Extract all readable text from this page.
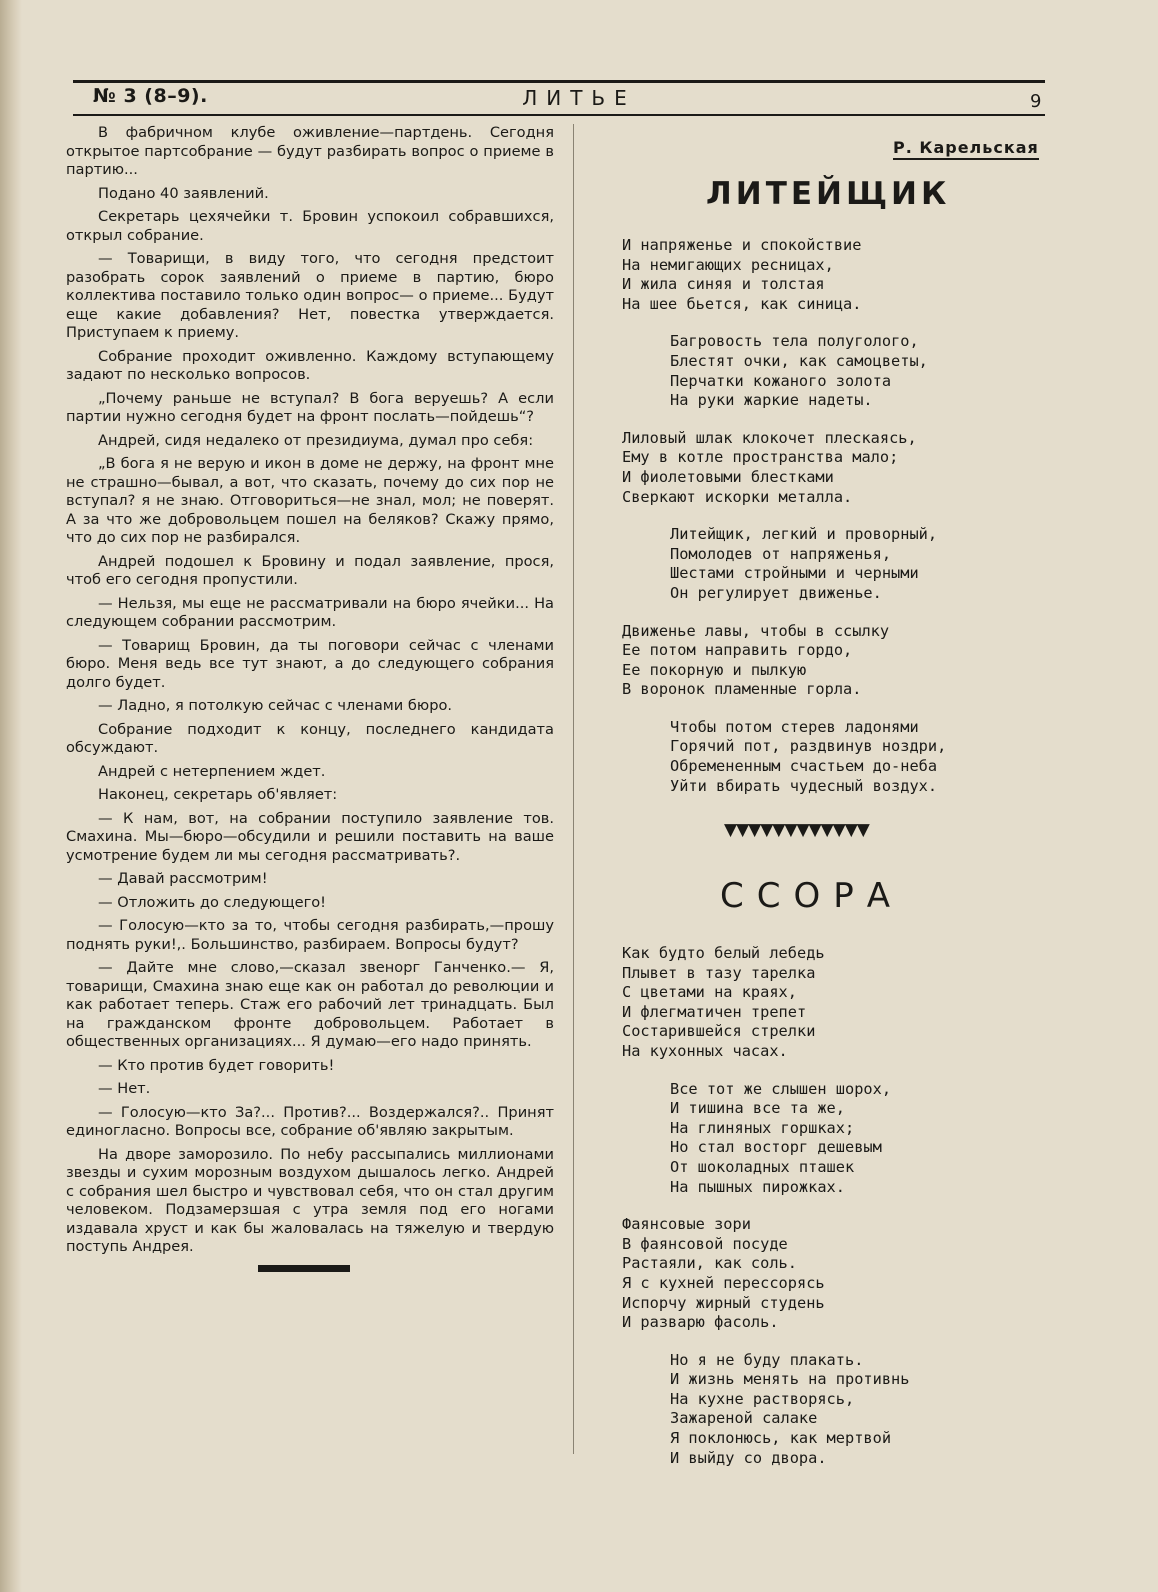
№ 3 (8–9).	ЛИТЬЕ	9

В фабричном клубе оживление—партдень. Сегодня открытое партсобрание — будут разбирать вопрос о приеме в партию...

Подано 40 заявлений.

Секретарь цехячейки т. Бровин успокоил собравшихся, открыл собрание.

— Товарищи, в виду того, что сегодня предстоит разобрать сорок заявлений о приеме в партию, бюро коллектива поставило только один вопрос— о приеме... Будут еще какие добавления? Нет, повестка утверждается. Приступаем к приему.

Собрание проходит оживленно. Каждому вступающему задают по несколько вопросов.

„Почему раньше не вступал? В бога веруешь? А если партии нужно сегодня будет на фронт послать—пойдешь“?

Андрей, сидя недалеко от президиума, думал про себя:

„В бога я не верую и икон в доме не держу, на фронт мне не страшно—бывал, а вот, что сказать, почему до сих пор не вступал? я не знаю. Отговориться—не знал, мол; не поверят. А за что же добровольцем пошел на беляков? Скажу прямо, что до сих пор не разбирался.

Андрей подошел к Бровину и подал заявление, прося, чтоб его сегодня пропустили.

— Нельзя, мы еще не рассматривали на бюро ячейки... На следующем собрании рассмотрим.

— Товарищ Бровин, да ты поговори сейчас с членами бюро. Меня ведь все тут знают, а до следующего собрания долго будет.

— Ладно, я потолкую сейчас с членами бюро.

Собрание подходит к концу, последнего кандидата обсуждают.

Андрей с нетерпением ждет.

Наконец, секретарь об'являет:

— К нам, вот, на собрании поступило заявление тов. Смахина. Мы—бюро—обсудили и решили поставить на ваше усмотрение будем ли мы сегодня рассматривать?.

— Давай рассмотрим!

— Отложить до следующего!

— Голосую—кто за то, чтобы сегодня разбирать,—прошу поднять руки!,. Большинство, разбираем. Вопросы будут?

— Дайте мне слово,—сказал звенорг Ганченко.— Я, товарищи, Смахина знаю еще как он работал до революции и как работает теперь. Стаж его рабочий лет тринадцать. Был на гражданском фронте добровольцем. Работает в общественных организациях... Я думаю—его надо принять.

— Кто против будет говорить!

— Нет.

— Голосую—кто За?... Против?... Воздержался?.. Принят единогласно. Вопросы все, собрание об'являю закрытым.

На дворе заморозило. По небу рассыпались миллионами звезды и сухим морозным воздухом дышалось легко. Андрей с собрания шел быстро и чувствовал себя, что он стал другим человеком. Подзамерзшая с утра земля под его ногами издавала хруст и как бы жаловалась на тяжелую и твердую поступь Андрея.

Р. Карельская
ЛИТЕЙЩИК
И напряженье и спокойствие
На немигающих ресницах,
И жила синяя и толстая
На шее бьется, как синица.
Багровость тела полуголого,
Блестят очки, как самоцветы,
Перчатки кожаного золота
На руки жаркие надеты.
Лиловый шлак клокочет плескаясь,
Ему в котле пространства мало;
И фиолетовыми блестками
Сверкают искорки металла.
Литейщик, легкий и проворный,
Помолодев от напряженья,
Шестами стройными и черными
Он регулирует движенье.
Движенье лавы, чтобы в ссылку
Ее потом направить гордо,
Ее покорную и пылкую
В воронок пламенные горла.
Чтобы потом стерев ладонями
Горячий пот, раздвинув ноздри,
Обремененным счастьем до-неба
Уйти вбирать чудесный воздух.
▼▼▼▼▼▼▼▼▼▼▼▼
ССОРА
Как будто белый лебедь
Плывет в тазу тарелка
С цветами на краях,
И флегматичен трепет
Состарившейся стрелки
На кухонных часах.
Все тот же слышен шорох,
И тишина все та же,
На глиняных горшках;
Но стал восторг дешевым
От шоколадных пташек
На пышных пирожках.
Фаянсовые зори
В фаянсовой посуде
Растаяли, как соль.
Я с кухней перессорясь
Испорчу жирный студень
И разварю фасоль.
Но я не буду плакать.
И жизнь менять на противнь
На кухне растворясь,
Зажареной салаке
Я поклонюсь, как мертвой
И выйду со двора.
